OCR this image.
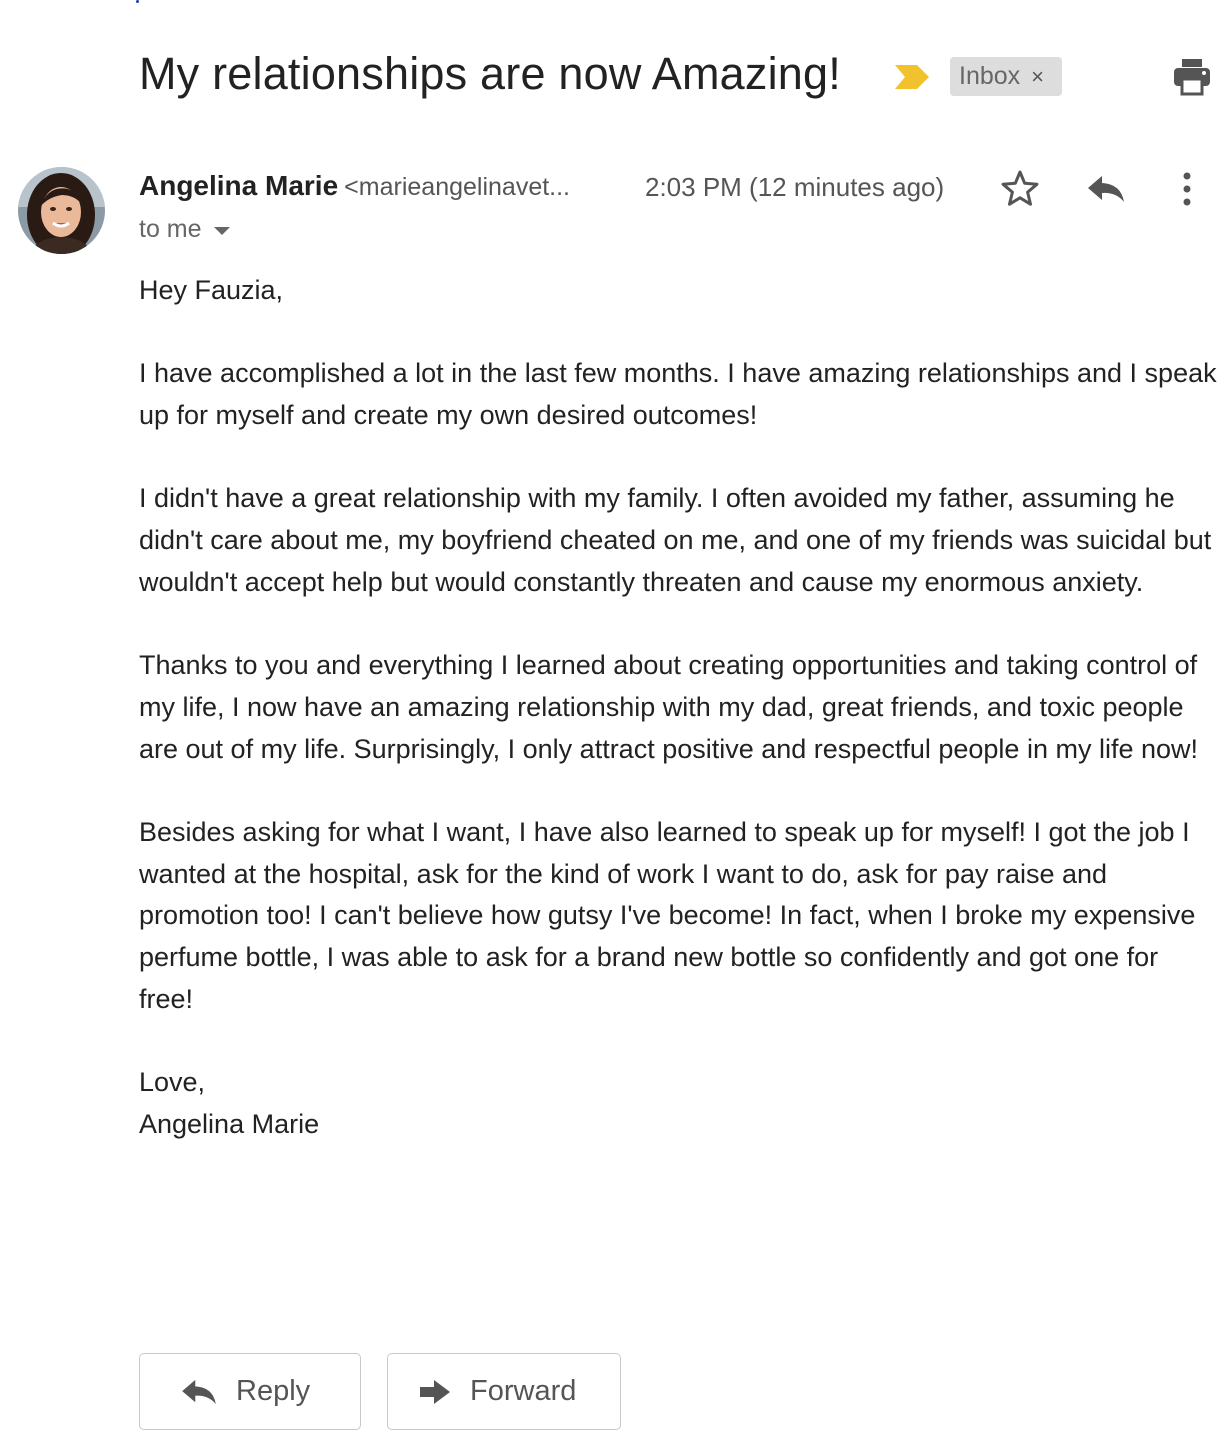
My relationships are now Amazing!	Inbox ×
Angelina Marie <marieangelinavet...	2:03 PM (12 minutes ago)
to me

Hey Fauzia,

I have accomplished a lot in the last few months. I have amazing relationships and I speak up for myself and create my own desired outcomes!

I didn't have a great relationship with my family. I often avoided my father, assuming he didn't care about me, my boyfriend cheated on me, and one of my friends was suicidal but wouldn't accept help but would constantly threaten and cause my enormous anxiety.

Thanks to you and everything I learned about creating opportunities and taking control of my life, I now have an amazing relationship with my dad, great friends, and toxic people are out of my life. Surprisingly, I only attract positive and respectful people in my life now!

Besides asking for what I want, I have also learned to speak up for myself! I got the job I wanted at the hospital, ask for the kind of work I want to do, ask for pay raise and promotion too! I can't believe how gutsy I've become! In fact, when I broke my expensive perfume bottle, I was able to ask for a brand new bottle so confidently and got one for free!

Love,
Angelina Marie
Reply	Forward
